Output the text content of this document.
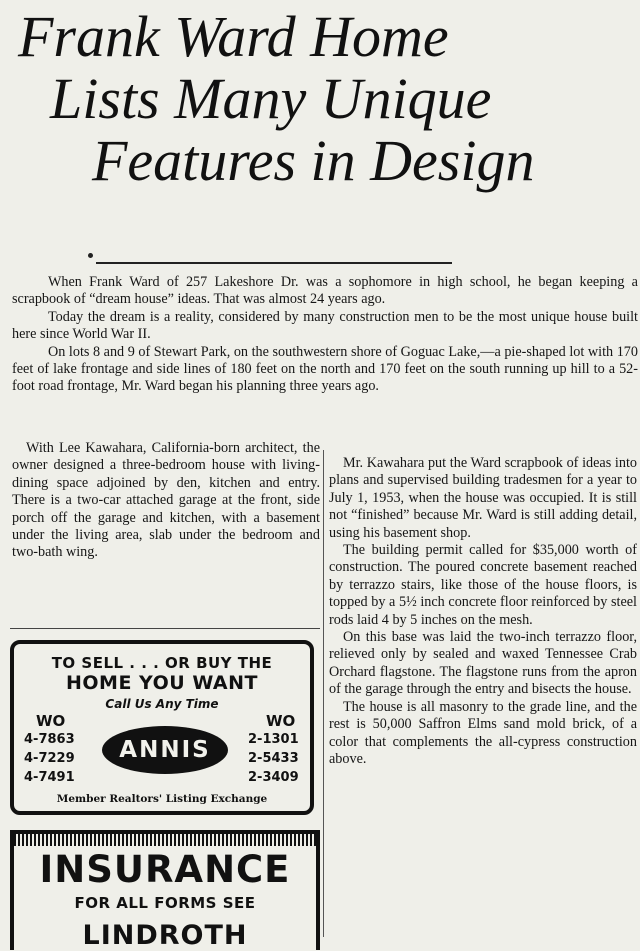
Frank Ward Home
Lists Many Unique
Features in Design

When Frank Ward of 257 Lakeshore Dr. was a sophomore in high school, he began keeping a scrapbook of “dream house” ideas. That was almost 24 years ago.

Today the dream is a reality, considered by many construction men to be the most unique house built here since World War II.

On lots 8 and 9 of Stewart Park, on the southwestern shore of Goguac Lake,—a pie-shaped lot with 170 feet of lake frontage and side lines of 180 feet on the north and 170 feet on the south running up hill to a 52-foot road frontage, Mr. Ward began his planning three years ago.

With Lee Kawahara, California-born architect, the owner designed a three-bedroom house with living-dining space adjoined by den, kitchen and entry. There is a two-car attached garage at the front, side porch off the garage and kitchen, with a basement under the living area, slab under the bedroom and two-bath wing.

Mr. Kawahara put the Ward scrapbook of ideas into plans and supervised building tradesmen for a year to July 1, 1953, when the house was occupied. It is still not “finished” because Mr. Ward is still adding detail, using his basement shop.

The building permit called for $35,000 worth of construction. The poured concrete basement reached by terrazzo stairs, like those of the house floors, is topped by a 5½ inch concrete floor reinforced by steel rods laid 4 by 5 inches on the mesh.

On this base was laid the two-inch terrazzo floor, relieved only by sealed and waxed Tennessee Crab Orchard flagstone. The flagstone runs from the apron of the garage through the entry and bisects the house.

The house is all masonry to the grade line, and the rest is 50,000 Saffron Elms sand mold brick, of a color that complements the all-cypress construction above.

TO SELL . . . OR BUY THE
HOME YOU WANT
Call Us Any Time
WO	WO
4-7863
4-7229
4-7491
ANNIS	2-1301
2-5433
2-3409
Member Realtors' Listing Exchange
INSURANCE
FOR ALL FORMS SEE
LINDROTH
